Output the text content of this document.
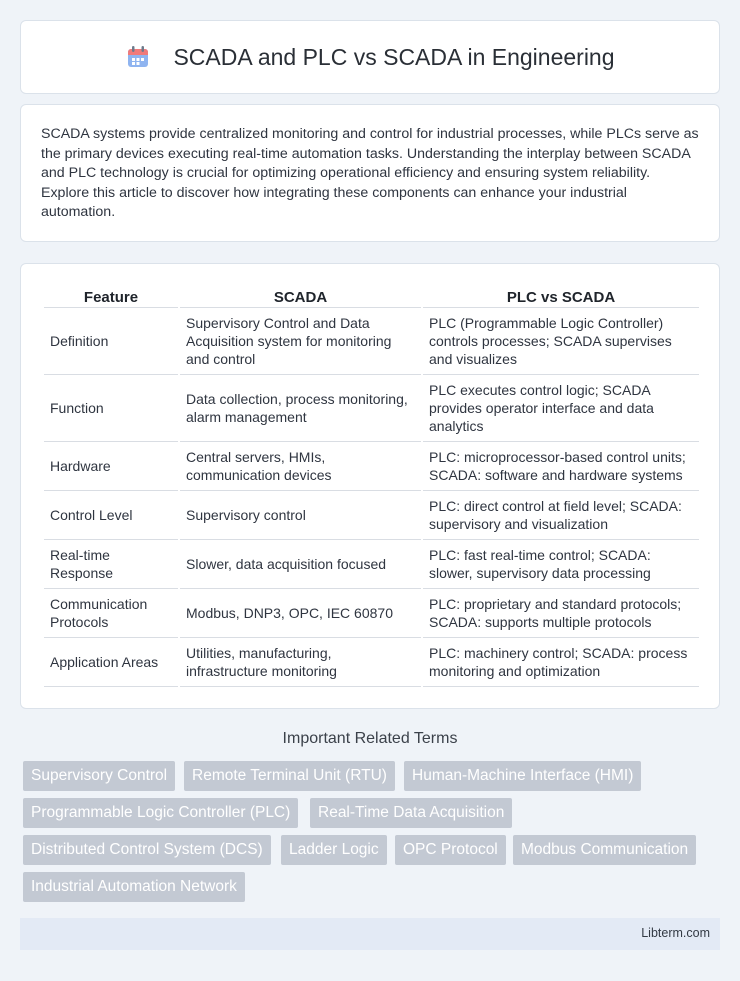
SCADA and PLC vs SCADA in Engineering

SCADA systems provide centralized monitoring and control for industrial processes, while PLCs serve as the primary devices executing real-time automation tasks. Understanding the interplay between SCADA and PLC technology is crucial for optimizing operational efficiency and ensuring system reliability. Explore this article to discover how integrating these components can enhance your industrial automation.

Feature	SCADA	PLC vs SCADA
Definition	Supervisory Control and Data Acquisition system for monitoring and control	PLC (Programmable Logic Controller) controls processes; SCADA supervises and visualizes
Function	Data collection, process monitoring, alarm management	PLC executes control logic; SCADA provides operator interface and data analytics
Hardware	Central servers, HMIs, communication devices	PLC: microprocessor-based control units; SCADA: software and hardware systems
Control Level	Supervisory control	PLC: direct control at field level; SCADA: supervisory and visualization
Real-time Response	Slower, data acquisition focused	PLC: fast real-time control; SCADA: slower, supervisory data processing
Communication Protocols	Modbus, DNP3, OPC, IEC 60870	PLC: proprietary and standard protocols; SCADA: supports multiple protocols
Application Areas	Utilities, manufacturing, infrastructure monitoring	PLC: machinery control; SCADA: process monitoring and optimization
Important Related Terms
Supervisory Control	Remote Terminal Unit (RTU)	Human-Machine Interface (HMI)
Programmable Logic Controller (PLC)	Real-Time Data Acquisition
Distributed Control System (DCS)	Ladder Logic	OPC Protocol	Modbus Communication
Industrial Automation Network
Libterm.com
